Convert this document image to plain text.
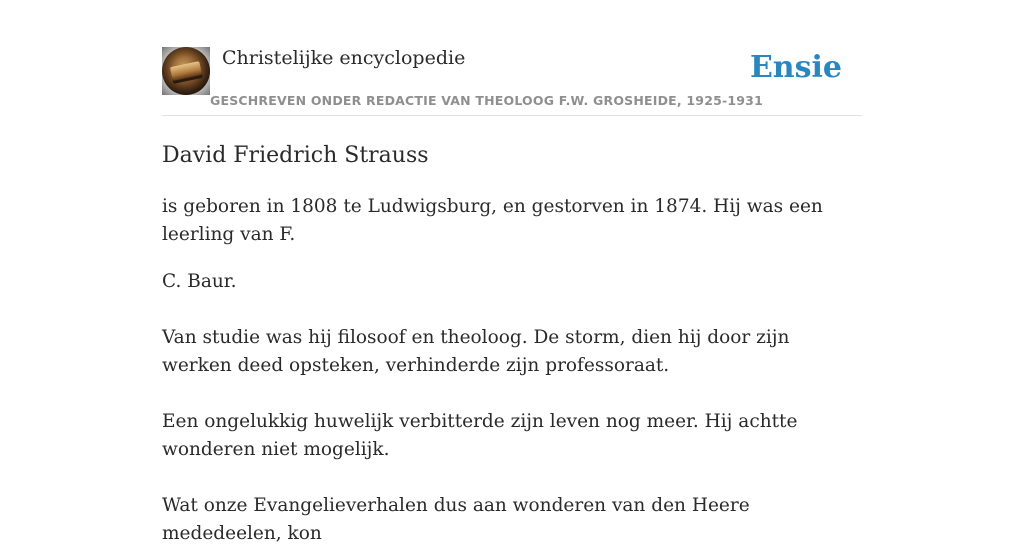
Christelijke encyclopedie
GESCHREVEN ONDER REDACTIE VAN THEOLOOG F.W. GROSHEIDE, 1925-1931
Ensie
David Friedrich Strauss

is geboren in 1808 te Ludwigsburg, en gestorven in 1874. Hij was een leerling van F.

C. Baur.

Van studie was hij filosoof en theoloog. De storm, dien hij door zijn werken deed opsteken, verhinderde zijn professoraat.

Een ongelukkig huwelijk verbitterde zijn leven nog meer. Hij achtte wonderen niet mogelijk.

Wat onze Evangelieverhalen dus aan wonderen van den Heere mededeelen, kon
